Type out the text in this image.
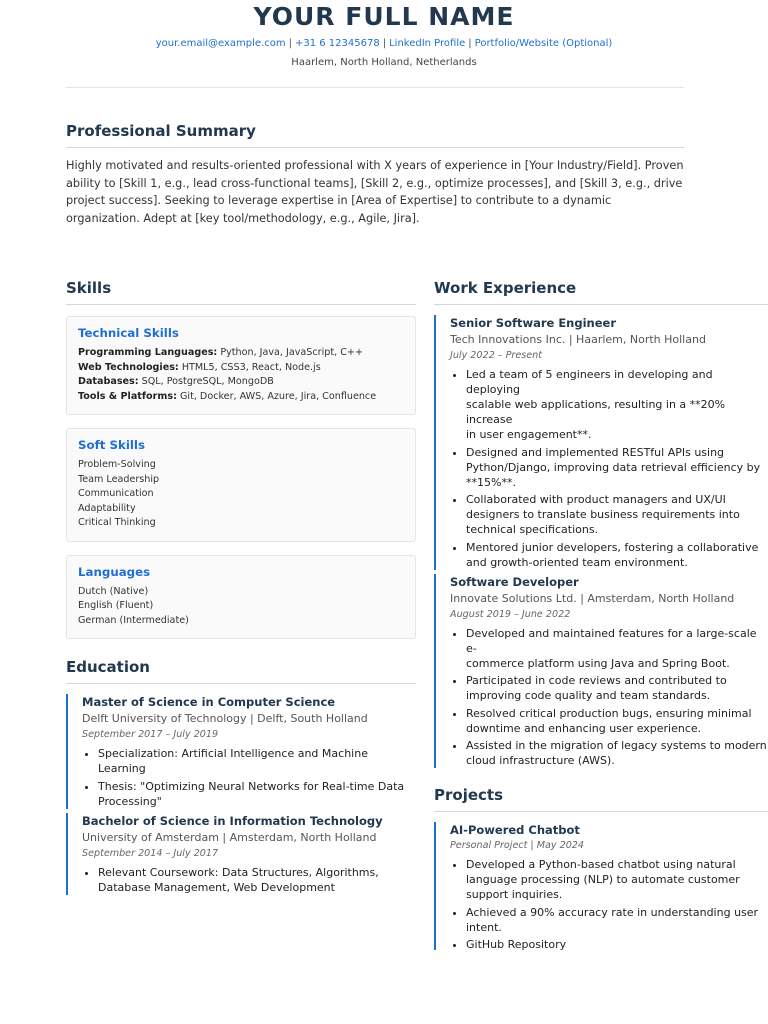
YOUR FULL NAME
your.email@example.com | +31 6 12345678 | LinkedIn Profile | Portfolio/Website (Optional)
Haarlem, North Holland, Netherlands
Professional Summary

Highly motivated and results-oriented professional with X years of experience in [Your Industry/Field]. Proven ability to [Skill 1, e.g., lead cross-functional teams], [Skill 2, e.g., optimize processes], and [Skill 3, e.g., drive project success]. Seeking to leverage expertise in [Area of Expertise] to contribute to a dynamic organization. Adept at [key tool/methodology, e.g., Agile, Jira].

Skills
Technical Skills
Programming Languages: Python, Java, JavaScript, C++
Web Technologies: HTML5, CSS3, React, Node.js
Databases: SQL, PostgreSQL, MongoDB
Tools & Platforms: Git, Docker, AWS, Azure, Jira, Confluence
Soft Skills
Problem-Solving
Team Leadership
Communication
Adaptability
Critical Thinking
Languages
Dutch (Native)
English (Fluent)
German (Intermediate)
Education
Master of Science in Computer Science
Delft University of Technology | Delft, South Holland
September 2017 – July 2019
• Specialization: Artificial Intelligence and Machine
Learning
• Thesis: "Optimizing Neural Networks for Real-time Data
Processing"
Bachelor of Science in Information Technology
University of Amsterdam | Amsterdam, North Holland
September 2014 – July 2017
• Relevant Coursework: Data Structures, Algorithms,
Database Management, Web Development
Work Experience
Senior Software Engineer
Tech Innovations Inc. | Haarlem, North Holland
July 2022 – Present
• Led a team of 5 engineers in developing and deploying
scalable web applications, resulting in a **20% increase
in user engagement**.
• Designed and implemented RESTful APIs using
Python/Django, improving data retrieval efficiency by
**15%**.
• Collaborated with product managers and UX/UI
designers to translate business requirements into
technical specifications.
• Mentored junior developers, fostering a collaborative
and growth-oriented team environment.
Software Developer
Innovate Solutions Ltd. | Amsterdam, North Holland
August 2019 – June 2022
• Developed and maintained features for a large-scale e-
commerce platform using Java and Spring Boot.
• Participated in code reviews and contributed to
improving code quality and team standards.
• Resolved critical production bugs, ensuring minimal
downtime and enhancing user experience.
• Assisted in the migration of legacy systems to modern
cloud infrastructure (AWS).
Projects
AI-Powered Chatbot
Personal Project | May 2024
• Developed a Python-based chatbot using natural
language processing (NLP) to automate customer
support inquiries.
• Achieved a 90% accuracy rate in understanding user
intent.
• GitHub Repository
